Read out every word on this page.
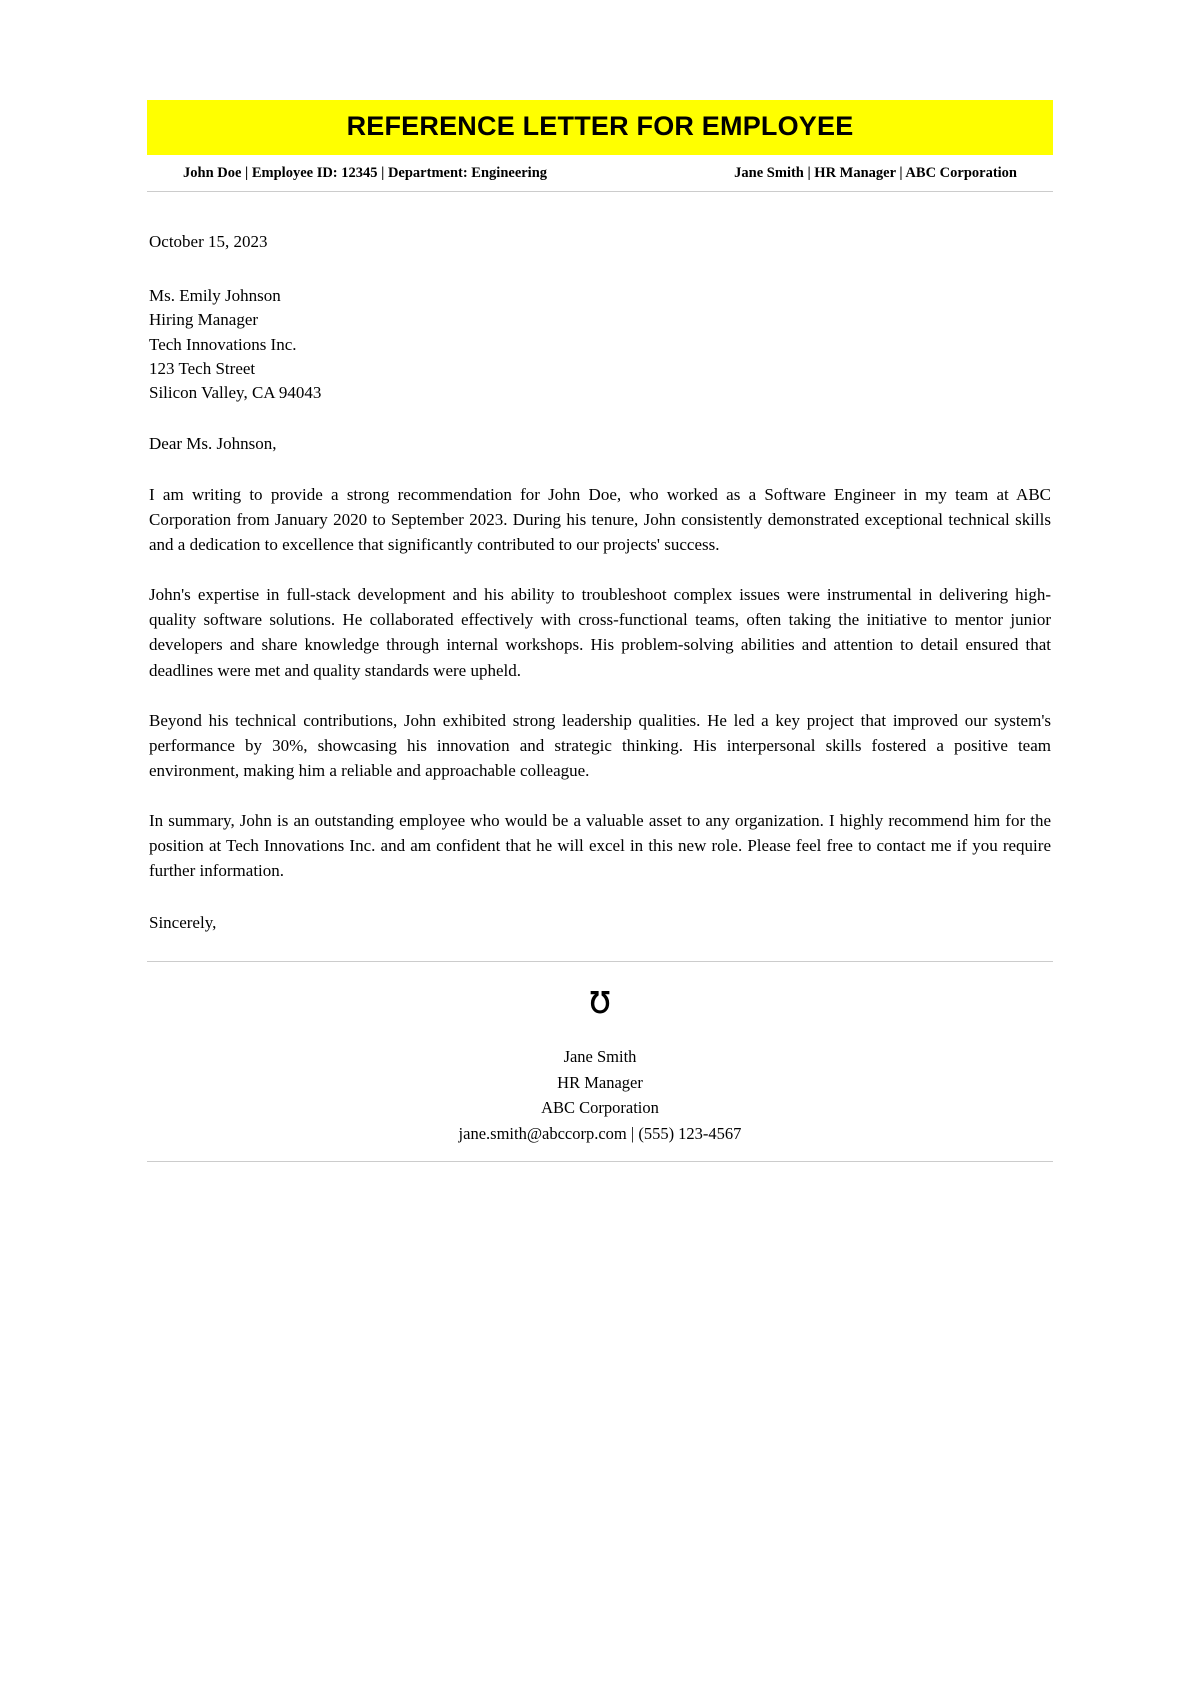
REFERENCE LETTER FOR EMPLOYEE
John Doe | Employee ID: 12345 | Department: Engineering	Jane Smith | HR Manager | ABC Corporation
October 15, 2023
Ms. Emily Johnson
Hiring Manager
Tech Innovations Inc.
123 Tech Street
Silicon Valley, CA 94043
Dear Ms. Johnson,

I am writing to provide a strong recommendation for John Doe, who worked as a Software Engineer in my team at ABC Corporation from January 2020 to September 2023. During his tenure, John consistently demonstrated exceptional technical skills and a dedication to excellence that significantly contributed to our projects' success.

John's expertise in full-stack development and his ability to troubleshoot complex issues were instrumental in delivering high-quality software solutions. He collaborated effectively with cross-functional teams, often taking the initiative to mentor junior developers and share knowledge through internal workshops. His problem-solving abilities and attention to detail ensured that deadlines were met and quality standards were upheld.

Beyond his technical contributions, John exhibited strong leadership qualities. He led a key project that improved our system's performance by 30%, showcasing his innovation and strategic thinking. His interpersonal skills fostered a positive team environment, making him a reliable and approachable colleague.

In summary, John is an outstanding employee who would be a valuable asset to any organization. I highly recommend him for the position at Tech Innovations Inc. and am confident that he will excel in this new role. Please feel free to contact me if you require further information.

Sincerely,
ʊ
Jane Smith
HR Manager
ABC Corporation
jane.smith@abccorp.com | (555) 123-4567
